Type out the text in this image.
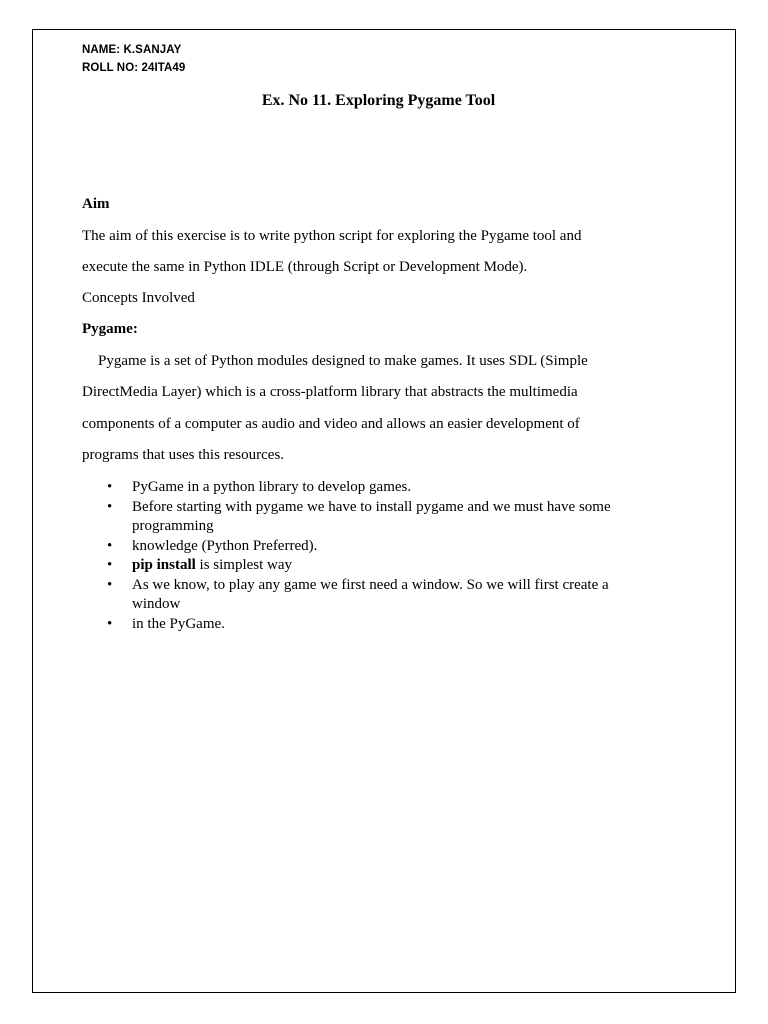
NAME: K.SANJAY
ROLL NO: 24ITA49
Ex. No 11. Exploring Pygame Tool
Aim
The aim of this exercise is to write python script for exploring the Pygame tool and
execute the same in Python IDLE (through Script or Development Mode).
Concepts Involved
Pygame:
Pygame is a set of Python modules designed to make games. It uses SDL (Simple
DirectMedia Layer) which is a cross-platform library that abstracts the multimedia
components of a computer as audio and video and allows an easier development of
programs that uses this resources.
• PyGame in a python library to develop games.
• Before starting with pygame we have to install pygame and we must have some programming
• knowledge (Python Preferred).
• pip install is simplest way
• As we know, to play any game we first need a window. So we will first create a window
• in the PyGame.
